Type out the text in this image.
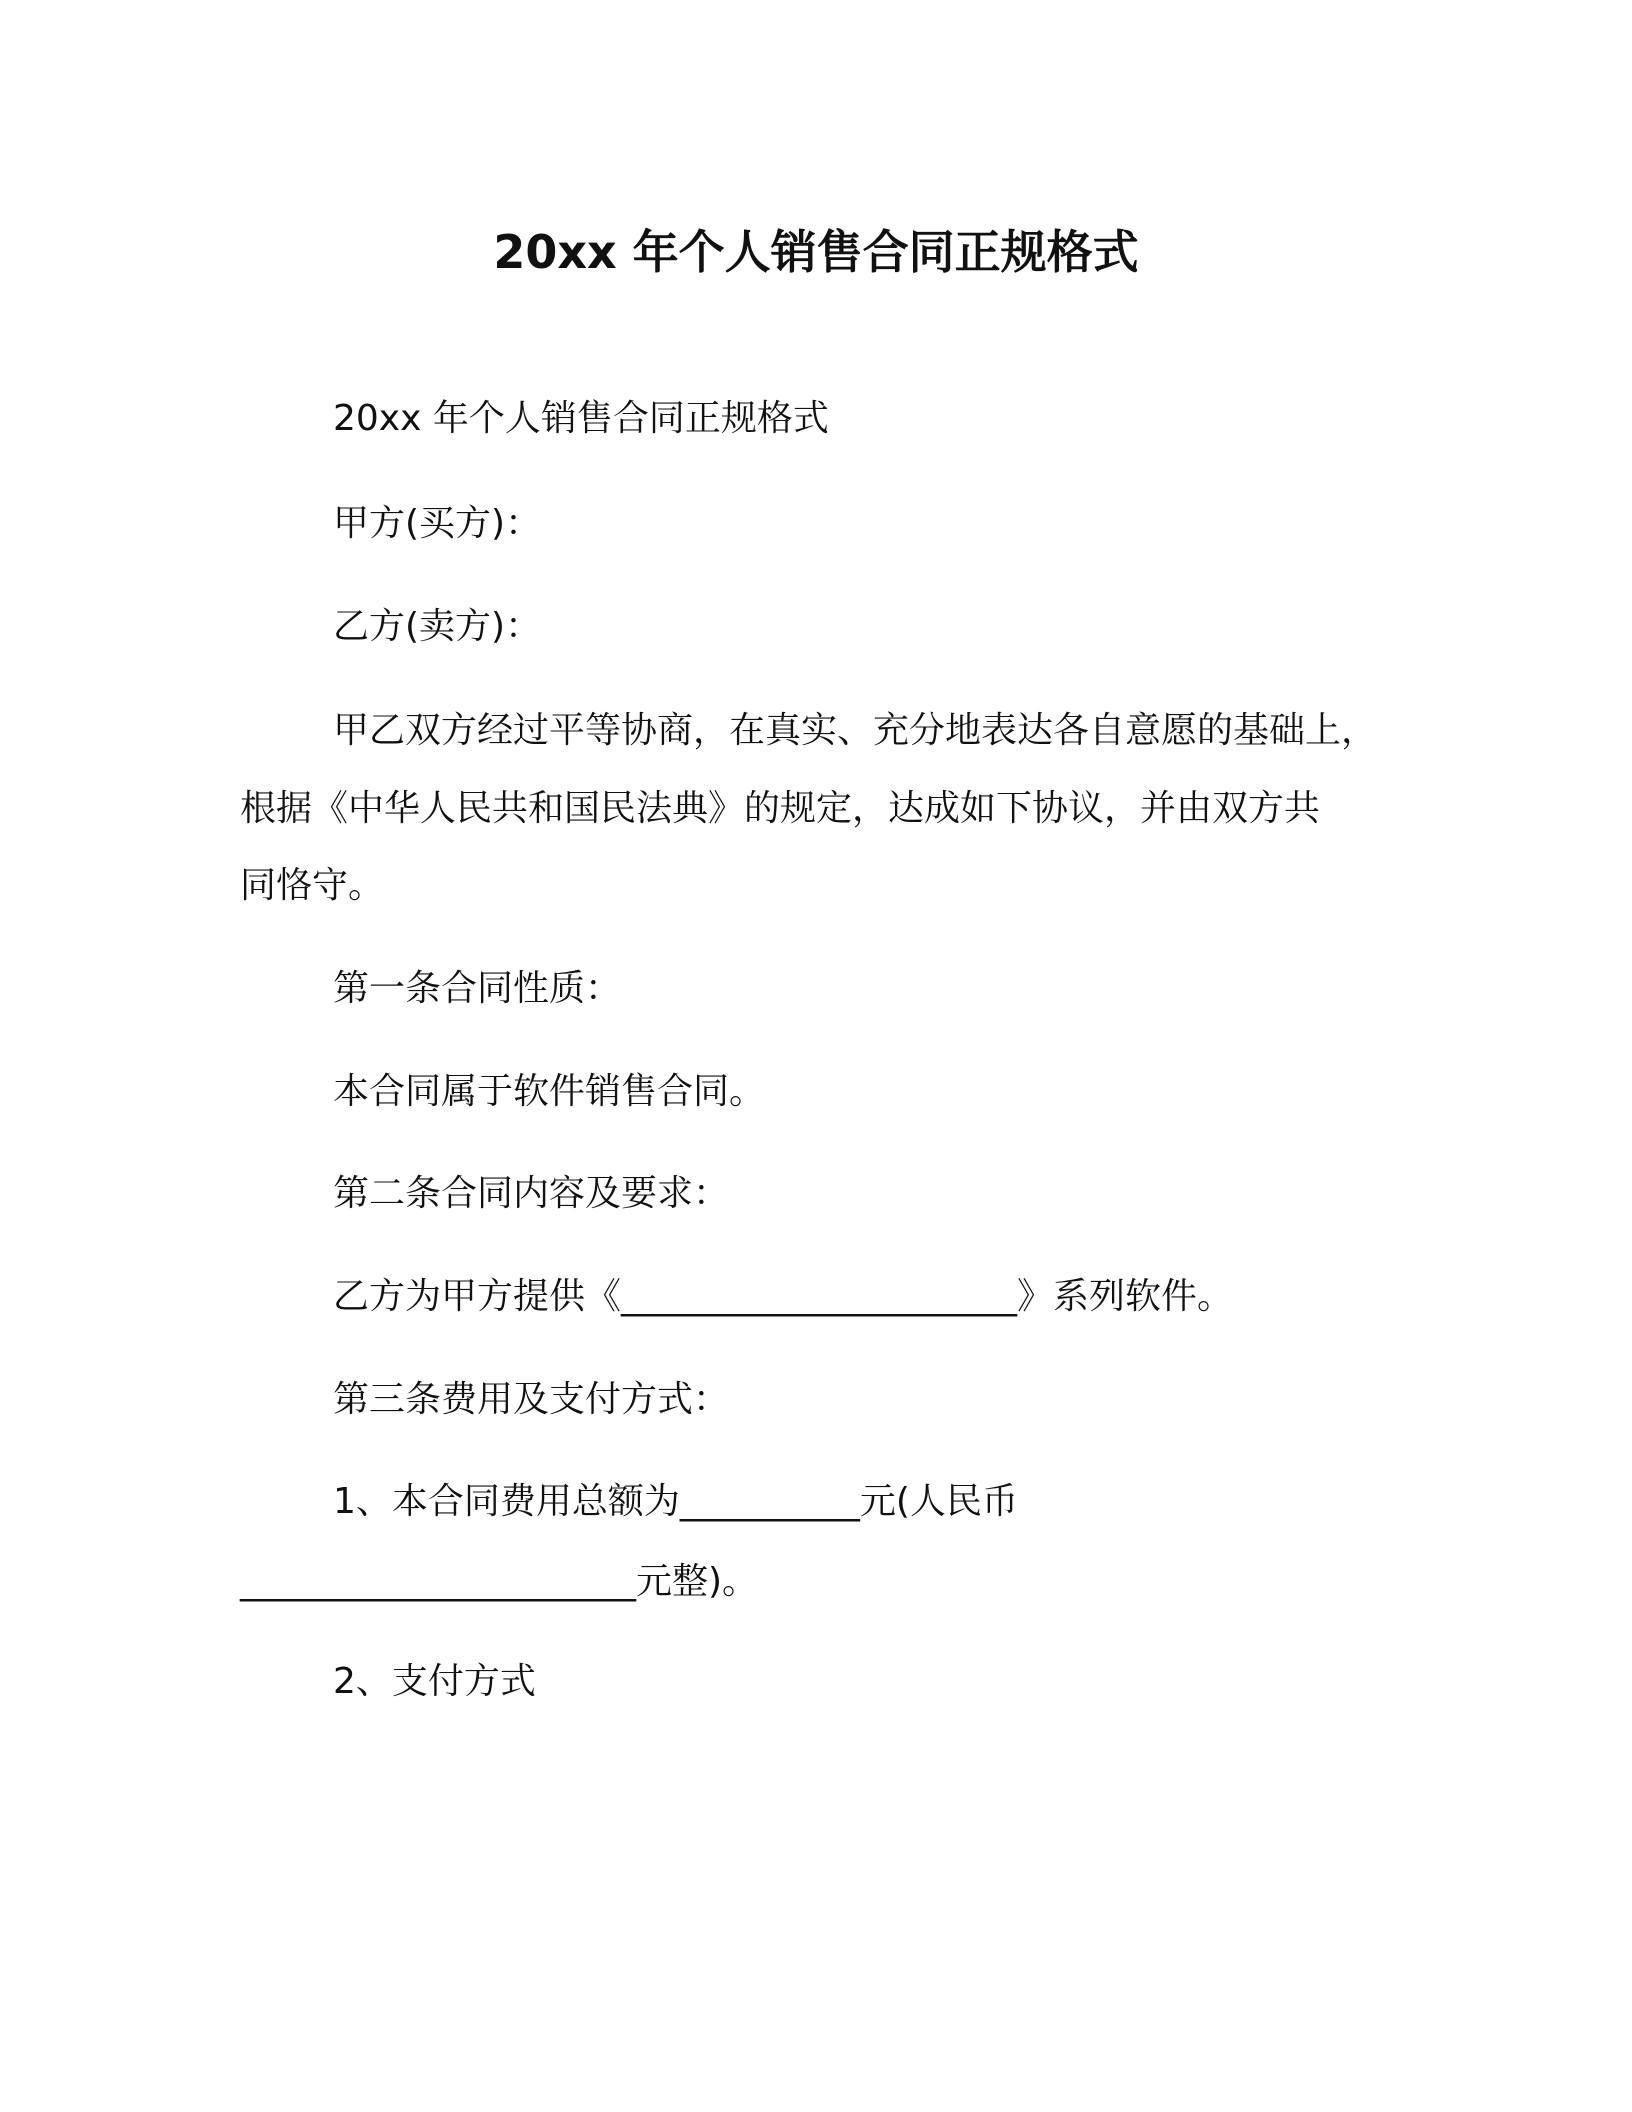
20xx 年个人销售合同正规格式
20xx 年个人销售合同正规格式
甲方(买方)：
乙方(卖方)：
甲乙双方经过平等协商，在真实、充分地表达各自意愿的基础上，
根据《中华人民共和国民法典》的规定，达成如下协议，并由双方共
同恪守。
第一条合同性质：
本合同属于软件销售合同。
第二条合同内容及要求：
乙方为甲方提供《______________________》系列软件。
第三条费用及支付方式：
1、本合同费用总额为__________元(人民币
______________________元整)。
2、支付方式
